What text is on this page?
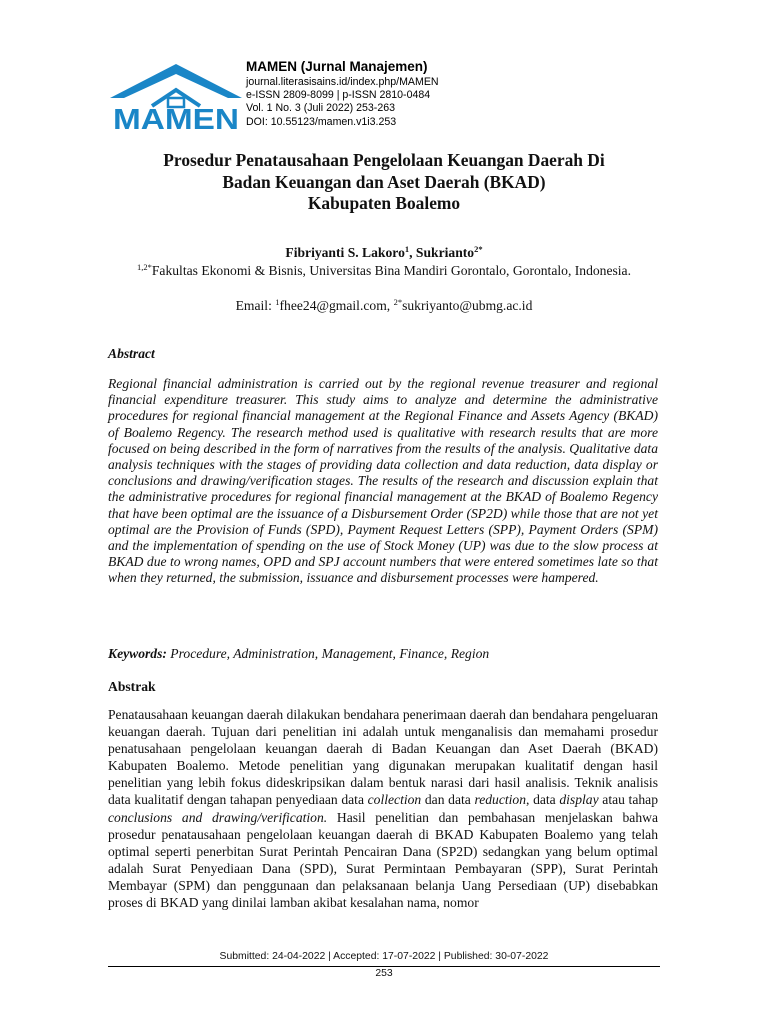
MAMEN
MAMEN (Jurnal Manajemen)
journal.literasisains.id/index.php/MAMEN
e-ISSN 2809-8099 | p-ISSN 2810-0484
Vol. 1 No. 3 (Juli 2022) 253-263
DOI: 10.55123/mamen.v1i3.253
Prosedur Penatausahaan Pengelolaan Keuangan Daerah Di
Badan Keuangan dan Aset Daerah (BKAD)
Kabupaten Boalemo
Fibriyanti S. Lakoro$^1$, Sukrianto$^{2*}$
$^{1,2*}$Fakultas Ekonomi & Bisnis, Universitas Bina Mandiri Gorontalo, Gorontalo, Indonesia.
Email: $^1$fhee24@gmail.com, $^{2*}$sukriyanto@ubmg.ac.id
Abstract
Regional financial administration is carried out by the regional revenue treasurer and regional financial expenditure treasurer. This study aims to analyze and determine the administrative procedures for regional financial management at the Regional Finance and Assets Agency (BKAD) of Boalemo Regency. The research method used is qualitative with research results that are more focused on being described in the form of narratives from the results of the analysis. Qualitative data analysis techniques with the stages of providing data collection and data reduction, data display or conclusions and drawing/verification stages. The results of the research and discussion explain that the administrative procedures for regional financial management at the BKAD of Boalemo Regency that have been optimal are the issuance of a Disbursement Order (SP2D) while those that are not yet optimal are the Provision of Funds (SPD), Payment Request Letters (SPP), Payment Orders (SPM) and the implementation of spending on the use of Stock Money (UP) was due to the slow process at BKAD due to wrong names, OPD and SPJ account numbers that were entered sometimes late so that when they returned, the submission, issuance and disbursement processes were hampered.
Keywords: Procedure, Administration, Management, Finance, Region
Abstrak
Penatausahaan keuangan daerah dilakukan bendahara penerimaan daerah dan bendahara pengeluaran keuangan daerah. Tujuan dari penelitian ini adalah untuk menganalisis dan memahami prosedur penatusahaan pengelolaan keuangan daerah di Badan Keuangan dan Aset Daerah (BKAD) Kabupaten Boalemo. Metode penelitian yang digunakan merupakan kualitatif dengan hasil penelitian yang lebih fokus dideskripsikan dalam bentuk narasi dari hasil analisis. Teknik analisis data kualitatif dengan tahapan penyediaan data collection dan data reduction, data display atau tahap conclusions and drawing/verification. Hasil penelitian dan pembahasan menjelaskan bahwa prosedur penatausahaan pengelolaan keuangan daerah di BKAD Kabupaten Boalemo yang telah optimal seperti penerbitan Surat Perintah Pencairan Dana (SP2D) sedangkan yang belum optimal adalah Surat Penyediaan Dana (SPD), Surat Permintaan Pembayaran (SPP), Surat Perintah Membayar (SPM) dan penggunaan dan pelaksanaan belanja Uang Persediaan (UP) disebabkan proses di BKAD yang dinilai lamban akibat kesalahan nama, nomor
Submitted: 24-04-2022 | Accepted: 17-07-2022 | Published: 30-07-2022
253
